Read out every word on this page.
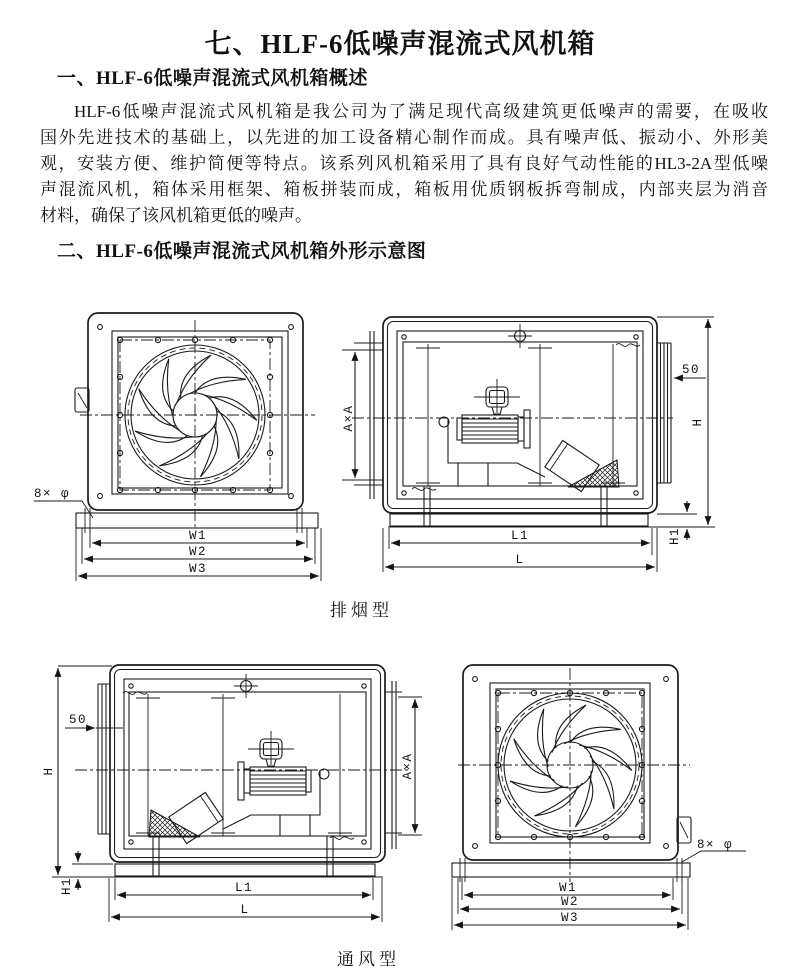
七、HLF-6低噪声混流式风机箱
一、HLF-6低噪声混流式风机箱概述
HLF-6低噪声混流式风机箱是我公司为了满足现代高级建筑更低噪声的需要，在吸收
国外先进技术的基础上，以先进的加工设备精心制作而成。具有噪声低、振动小、外形美
观，安装方便、维护简便等特点。该系列风机箱采用了具有良好气动性能的HL3-2A型低噪
声混流风机，箱体采用框架、箱板拼装而成，箱板用优质钢板拆弯制成，内部夹层为消音
材料，确保了该风机箱更低的噪声。
二、HLF-6低噪声混流式风机箱外形示意图
W1
W2
W3
8× φ
A×A
50
H
H1
L1
L
排烟型
50
H
H1	L1
L
A×A
8× φ
W1
W2
W3
通风型
